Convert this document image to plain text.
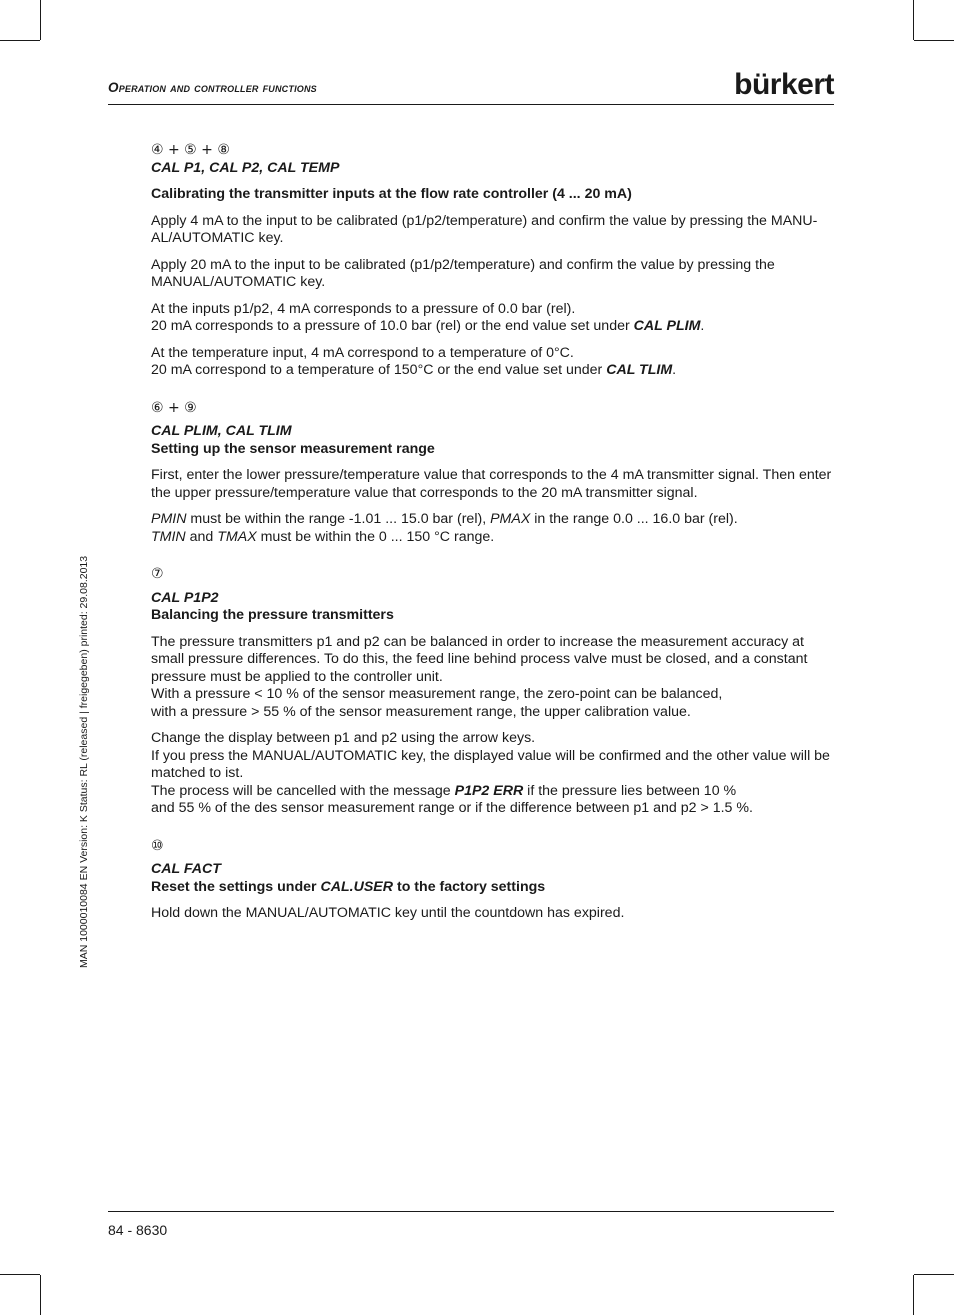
Operation and controller functions	bürkert
MAN 1000010084 EN Version: K Status: RL (released | freigegeben) printed: 29.08.2013

④ + ⑤ + ⑧

CAL P1, CAL P2, CAL TEMP

Calibrating the transmitter inputs at the flow rate controller (4 ... 20 mA)

Apply 4 mA to the input to be calibrated (p1/p2/temperature) and confirm the value by pressing the MANU-AL/AUTOMATIC key.

Apply 20 mA to the input to be calibrated (p1/p2/temperature) and confirm the value by pressing the MANUAL/AUTOMATIC key.

At the inputs p1/p2, 4 mA corresponds to a pressure of 0.0 bar (rel).
20 mA corresponds to a pressure of 10.0 bar (rel) or the end value set under CAL PLIM.

At the temperature input, 4 mA correspond to a temperature of 0°C.
20 mA correspond to a temperature of 150°C or the end value set under CAL TLIM.

⑥ + ⑨

CAL PLIM, CAL TLIM

Setting up the sensor measurement range

First, enter the lower pressure/temperature value that corresponds to the 4 mA transmitter signal. Then enter the upper pressure/temperature value that corresponds to the 20 mA transmitter signal.

PMIN must be within the range -1.01 ... 15.0 bar (rel), PMAX in the range 0.0 ... 16.0 bar (rel).
TMIN and TMAX must be within the 0 ... 150 °C range.

⑦

CAL P1P2

Balancing the pressure transmitters

The pressure transmitters p1 and p2 can be balanced in order to increase the measurement accuracy at small pressure differences. To do this, the feed line behind process valve must be closed, and a constant pressure must be applied to the controller unit.
With a pressure < 10 % of the sensor measurement range, the zero-point can be balanced,
with a pressure > 55 % of the sensor measurement range, the upper calibration value.

Change the display between p1 and p2 using the arrow keys.
If you press the MANUAL/AUTOMATIC key, the displayed value will be confirmed and the other value will be matched to ist.
The process will be cancelled with the message P1P2 ERR if the pressure lies between 10 %
and 55 % of the des sensor measurement range or if the difference between p1 and p2 > 1.5 %.

⑩

CAL FACT

Reset the settings under CAL.USER to the factory settings

Hold down the MANUAL/AUTOMATIC key until the countdown has expired.

84 - 8630
